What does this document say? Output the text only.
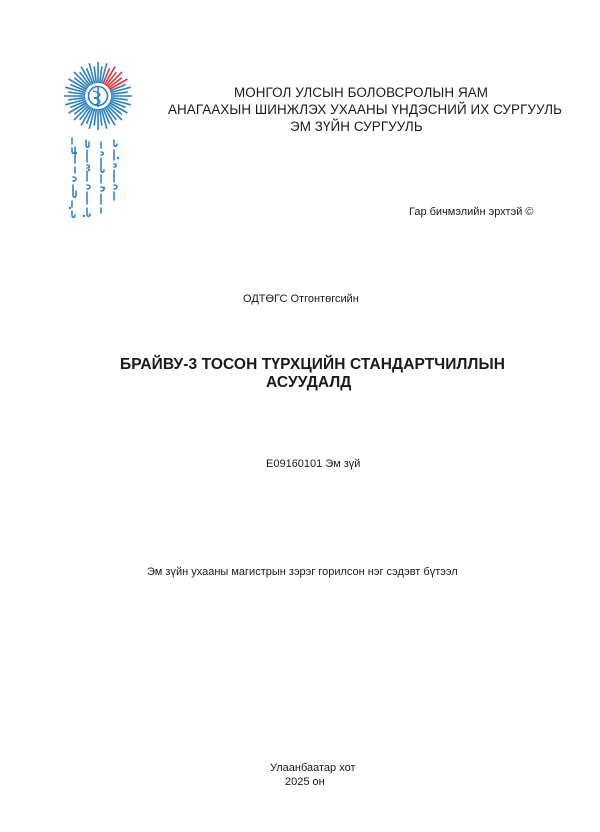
МОНГОЛ УЛСЫН БОЛОВСРОЛЫН ЯАМ
АНАГААХЫН ШИНЖЛЭХ УХААНЫ ҮНДЭСНИЙ ИХ СУРГУУЛЬ
ЭМ ЗҮЙН СУРГУУЛЬ
Гар бичмэлийн эрхтэй ©
ОДТӨГС Отгонтөгсийн
БРАЙВУ-3 ТОСОН ТҮРХЦИЙН СТАНДАРТЧИЛЛЫН
АСУУДАЛД
E09160101 Эм зүй
Эм зүйн ухааны магистрын зэрэг горилсон нэг сэдэвт бүтээл
Улаанбаатар хот
2025 он
